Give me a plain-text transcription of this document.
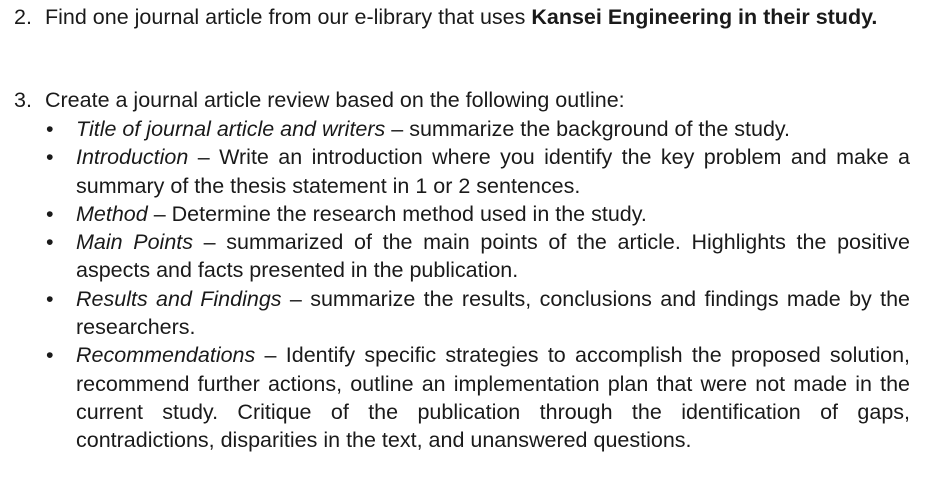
2. Find one journal article from our e-library that uses Kansei Engineering in their study.
3. Create a journal article review based on the following outline:
•	Title of journal article and writers – summarize the background of the study.
•	Introduction – Write an introduction where you identify the key problem and make a summary of the thesis statement in 1 or 2 sentences.
•	Method – Determine the research method used in the study.
•	Main Points – summarized of the main points of the article. Highlights the positive aspects and facts presented in the publication.
•	Results and Findings – summarize the results, conclusions and findings made by the researchers.
•	Recommendations – Identify specific strategies to accomplish the proposed solution, recommend further actions, outline an implementation plan that were not made in the current study. Critique of the publication through the identification of gaps, contradictions, disparities in the text, and unanswered questions.
